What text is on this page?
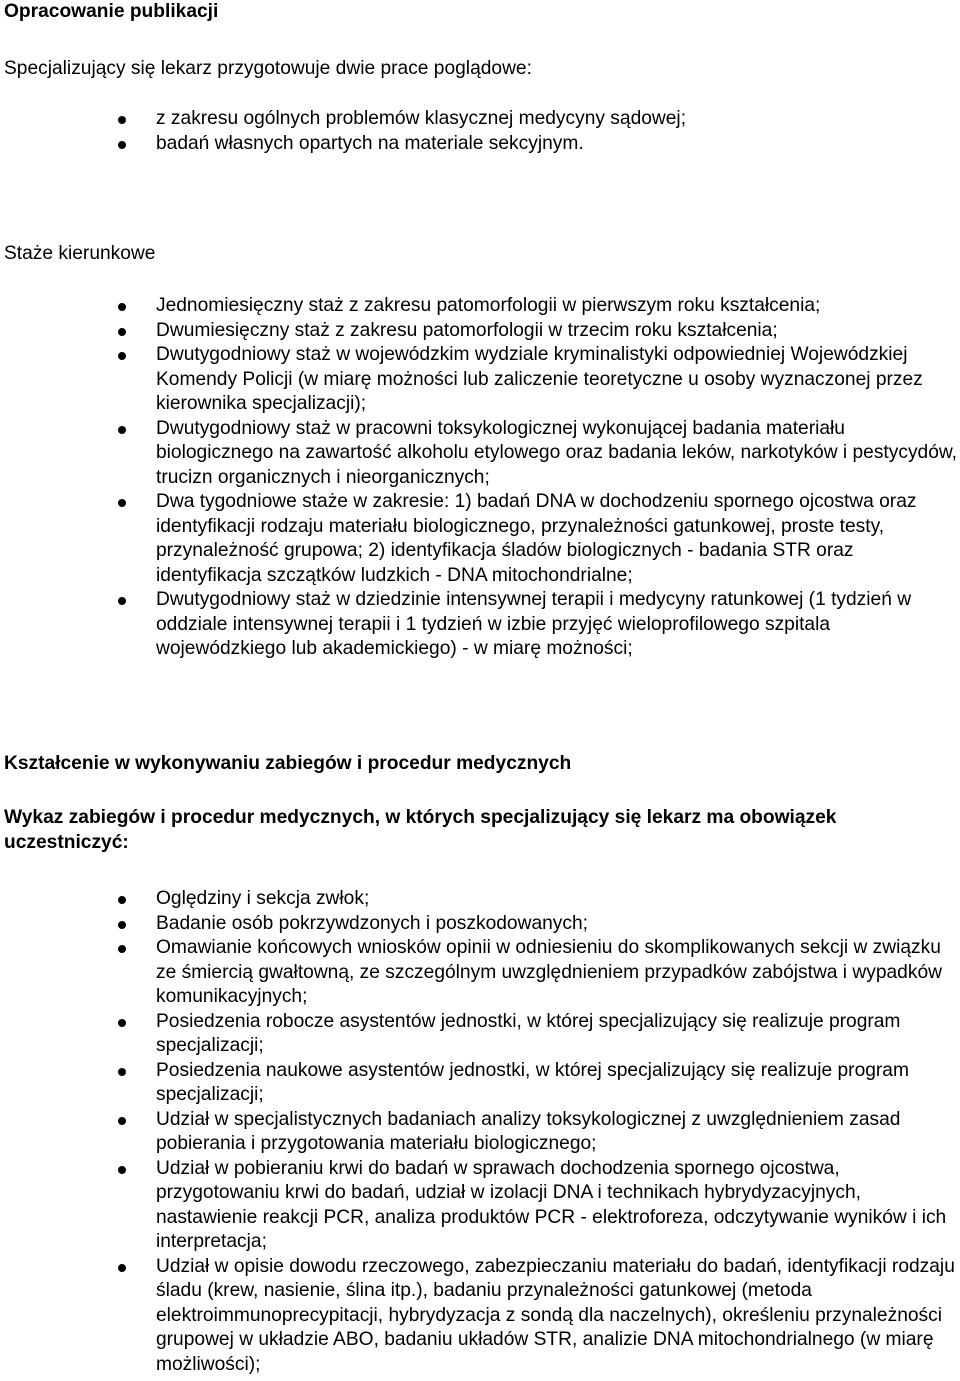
Opracowanie publikacji
Specjalizujący się lekarz przygotowuje dwie prace poglądowe:
z zakresu ogólnych problemów klasycznej medycyny sądowej;
badań własnych opartych na materiale sekcyjnym.
Staże kierunkowe
Jednomiesięczny staż z zakresu patomorfologii w pierwszym roku kształcenia;
Dwumiesięczny staż z zakresu patomorfologii w trzecim roku kształcenia;
Dwutygodniowy staż w wojewódzkim wydziale kryminalistyki odpowiedniej Wojewódzkiej Komendy Policji (w miarę możności lub zaliczenie teoretyczne u osoby wyznaczonej przez kierownika specjalizacji);
Dwutygodniowy staż w pracowni toksykologicznej wykonującej badania materiału biologicznego na zawartość alkoholu etylowego oraz badania leków, narkotyków i pestycydów, trucizn organicznych i nieorganicznych;
Dwa tygodniowe staże w zakresie: 1) badań DNA w dochodzeniu spornego ojcostwa oraz identyfikacji rodzaju materiału biologicznego, przynależności gatunkowej, proste testy, przynależność grupowa; 2) identyfikacja śladów biologicznych - badania STR oraz identyfikacja szczątków ludzkich - DNA mitochondrialne;
Dwutygodniowy staż w dziedzinie intensywnej terapii i medycyny ratunkowej (1 tydzień w oddziale intensywnej terapii i 1 tydzień w izbie przyjęć wieloprofilowego szpitala wojewódzkiego lub akademickiego) - w miarę możności;
Kształcenie w wykonywaniu zabiegów i procedur medycznych
Wykaz zabiegów i procedur medycznych, w których specjalizujący się lekarz ma obowiązek uczestniczyć:
Oględziny i sekcja zwłok;
Badanie osób pokrzywdzonych i poszkodowanych;
Omawianie końcowych wniosków opinii w odniesieniu do skomplikowanych sekcji w związku ze śmiercią gwałtowną, ze szczególnym uwzględnieniem przypadków zabójstwa i wypadków komunikacyjnych;
Posiedzenia robocze asystentów jednostki, w której specjalizujący się realizuje program specjalizacji;
Posiedzenia naukowe asystentów jednostki, w której specjalizujący się realizuje program specjalizacji;
Udział w specjalistycznych badaniach analizy toksykologicznej z uwzględnieniem zasad pobierania i przygotowania materiału biologicznego;
Udział w pobieraniu krwi do badań w sprawach dochodzenia spornego ojcostwa, przygotowaniu krwi do badań, udział w izolacji DNA i technikach hybrydyzacyjnych, nastawienie reakcji PCR, analiza produktów PCR - elektroforeza, odczytywanie wyników i ich interpretacja;
Udział w opisie dowodu rzeczowego, zabezpieczaniu materiału do badań, identyfikacji rodzaju śladu (krew, nasienie, ślina itp.), badaniu przynależności gatunkowej (metoda elektroimmunoprecypitacji, hybrydyzacja z sondą dla naczelnych), określeniu przynależności grupowej w układzie ABO, badaniu układów STR, analizie DNA mitochondrialnego (w miarę możliwości);
